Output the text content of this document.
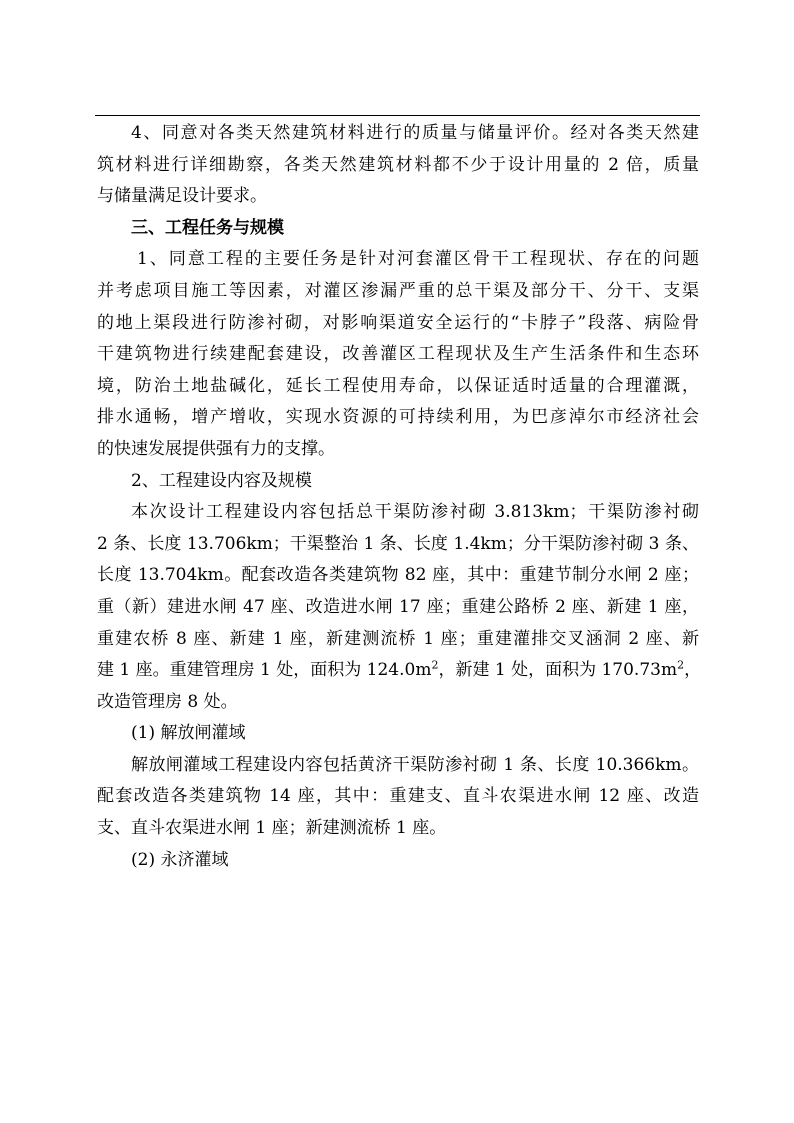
4、同意对各类天然建筑材料进行的质量与储量评价。经对各类天然建
筑材料进行详细勘察，各类天然建筑材料都不少于设计用量的 2 倍，质量
与储量满足设计要求。
三、工程任务与规模
1、同意工程的主要任务是针对河套灌区骨干工程现状、存在的问题
并考虑项目施工等因素，对灌区渗漏严重的总干渠及部分干、分干、支渠
的地上渠段进行防渗衬砌，对影响渠道安全运行的“卡脖子”段落、病险骨
干建筑物进行续建配套建设，改善灌区工程现状及生产生活条件和生态环
境，防治土地盐碱化，延长工程使用寿命，以保证适时适量的合理灌溉，
排水通畅，增产增收，实现水资源的可持续利用，为巴彦淖尔市经济社会
的快速发展提供强有力的支撑。
2、工程建设内容及规模
本次设计工程建设内容包括总干渠防渗衬砌 3.813km；干渠防渗衬砌
2 条、长度 13.706km；干渠整治 1 条、长度 1.4km；分干渠防渗衬砌 3 条、
长度 13.704km。配套改造各类建筑物 82 座，其中：重建节制分水闸 2 座；
重（新）建进水闸 47 座、改造进水闸 17 座；重建公路桥 2 座、新建 1 座，
重建农桥 8 座、新建 1 座，新建测流桥 1 座；重建灌排交叉涵洞 2 座、新
建 1 座。重建管理房 1 处，面积为 $124.0m^2$，新建 1 处，面积为 $170.73m^2$，
改造管理房 8 处。
(1) 解放闸灌域
解放闸灌域工程建设内容包括黄济干渠防渗衬砌 1 条、长度 10.366km。
配套改造各类建筑物 14 座，其中：重建支、直斗农渠进水闸 12 座、改造
支、直斗农渠进水闸 1 座；新建测流桥 1 座。
(2) 永济灌域
